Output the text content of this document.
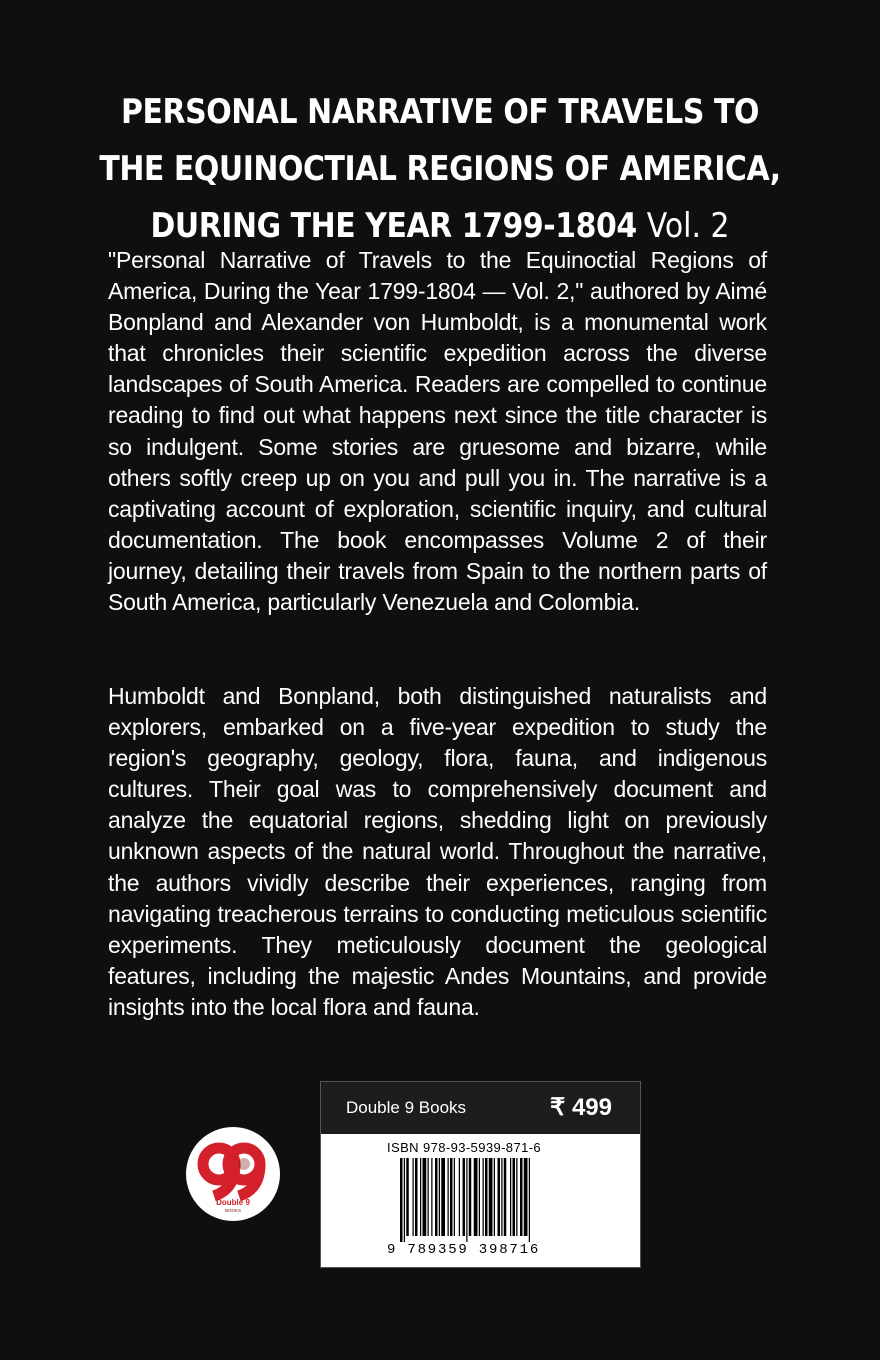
PERSONAL NARRATIVE OF TRAVELS TO THE EQUINOCTIAL REGIONS OF AMERICA, DURING THE YEAR 1799-1804 Vol. 2

"Personal Narrative of Travels to the Equinoctial Regions of America, During the Year 1799-1804 — Vol. 2," authored by Aimé Bonpland and Alexander von Humboldt, is a monumental work that chronicles their scientific expedition across the diverse landscapes of South America. Readers are compelled to continue reading to find out what happens next since the title character is so indulgent. Some stories are gruesome and bizarre, while others softly creep up on you and pull you in. The narrative is a captivating account of exploration, scientific inquiry, and cultural documentation. The book encompasses Volume 2 of their journey, detailing their travels from Spain to the northern parts of South America, particularly Venezuela and Colombia.

Humboldt and Bonpland, both distinguished naturalists and explorers, embarked on a five-year expedition to study the region's geography, geology, flora, fauna, and indigenous cultures. Their goal was to comprehensively document and analyze the equatorial regions, shedding light on previously unknown aspects of the natural world. Throughout the narrative, the authors vividly describe their experiences, ranging from navigating treacherous terrains to conducting meticulous scientific experiments. They meticulously document the geological features, including the majestic Andes Mountains, and provide insights into the local flora and fauna.

Double 9
BOOKS
Double 9 Books	₹ 499
ISBN 978-93-5939-871-6
9 789359 398716
